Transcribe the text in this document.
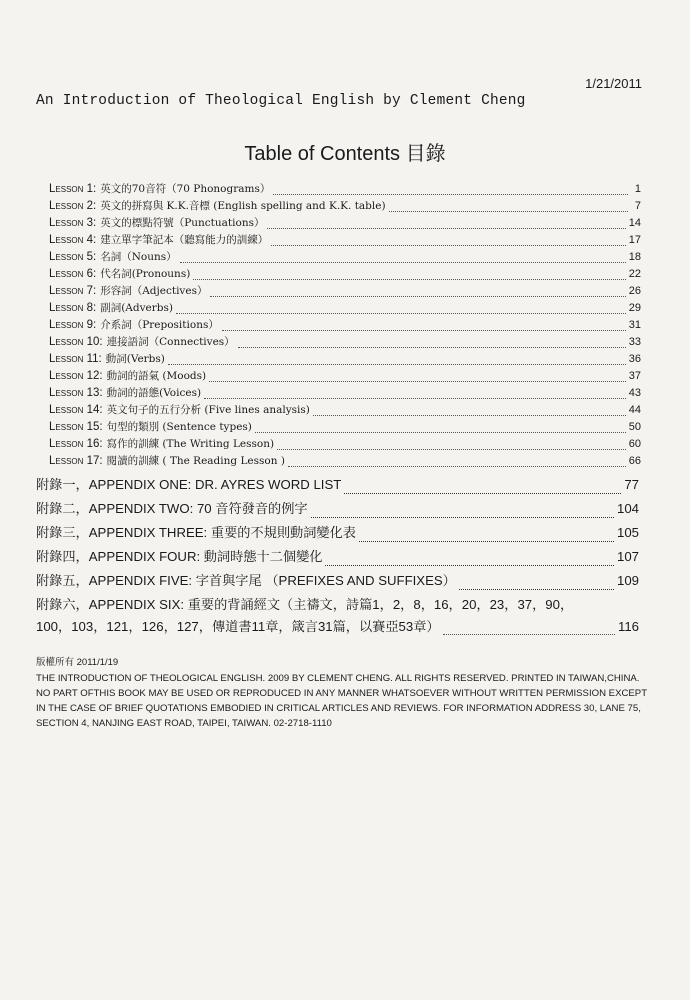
1/21/2011
An Introduction of Theological English by Clement Cheng
Table of Contents 目錄
Lesson 1: 英文的70音符（70 Phonograms）	1
Lesson 2: 英文的拼寫與 K.K.音標 (English spelling and K.K. table)	7
Lesson 3: 英文的標點符號（Punctuations）	14
Lesson 4: 建立單字筆記本（聽寫能力的訓練）	17
Lesson 5: 名詞（Nouns）	18
Lesson 6: 代名詞(Pronouns)	22
Lesson 7: 形容詞（Adjectives）	26
Lesson 8: 副詞(Adverbs)	29
Lesson 9: 介系詞（Prepositions）	31
Lesson 10: 連接語詞（Connectives）	33
Lesson 11: 動詞(Verbs)	36
Lesson 12: 動詞的語氣 (Moods)	37
Lesson 13: 動詞的語態(Voices)	43
Lesson 14: 英文句子的五行分析 (Five lines analysis)	44
Lesson 15: 句型的類別 (Sentence types)	50
Lesson 16: 寫作的訓練 (The Writing Lesson)	60
Lesson 17: 閱讀的訓練 ( The Reading Lesson )	66
附錄一，APPENDIX ONE: DR. AYRES WORD LIST	77
附錄二，APPENDIX TWO: 70 音符發音的例字	104
附錄三，APPENDIX THREE: 重要的不規則動詞變化表	105
附錄四，APPENDIX FOUR: 動詞時態十二個變化	107
附錄五，APPENDIX FIVE: 字首與字尾 （PREFIXES AND SUFFIXES）	109
附錄六，APPENDIX SIX: 重要的背誦經文（主禱文，詩篇1，2，8，16，20，23，37，90，
100，103，121，126，127，傳道書11章，箴言31篇，以賽亞53章）	116
版權所有 2011/1/19
THE INTRODUCTION OF THEOLOGICAL ENGLISH. 2009 BY CLEMENT CHENG. ALL RIGHTS RESERVED. PRINTED IN TAIWAN,CHINA. NO PART OFTHIS BOOK MAY BE USED OR REPRODUCED IN ANY MANNER WHATSOEVER WITHOUT WRITTEN PERMISSION EXCEPT IN THE CASE OF BRIEF QUOTATIONS EMBODIED IN CRITICAL ARTICLES AND REVIEWS. FOR INFORMATION ADDRESS 30, LANE 75, SECTION 4, NANJING EAST ROAD, TAIPEI, TAIWAN. 02-2718-1110
